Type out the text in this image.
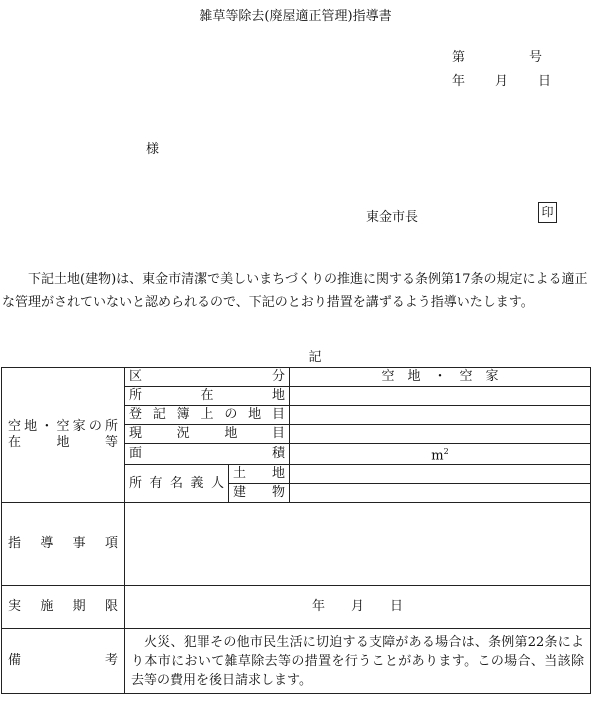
雑草等除去(廃屋適正管理)指導書
第	号
年 月 日
様
東金市長	印
下記土地(建物)は、東金市清潔で美しいまちづくりの推進に関する条例第17条の規定による適正な管理がされていないと認められるので、下記のとおり措置を講ずるよう指導いたします。
記
空地・空家の所
在　　地　　等	区分		空　地　・　空　家
	所在地		
	登記簿上の地目		
	現況地目		
	面積		$m^2$
	所有名義人	土地	
		建物	
指導事項			
実施期限	年　　月　　日		
備考	火災、犯罪その他市民生活に切迫する支障がある場合は、条例第22条により本市において雑草除去等の措置を行うことがあります。この場合、当該除去等の費用を後日請求します。		
